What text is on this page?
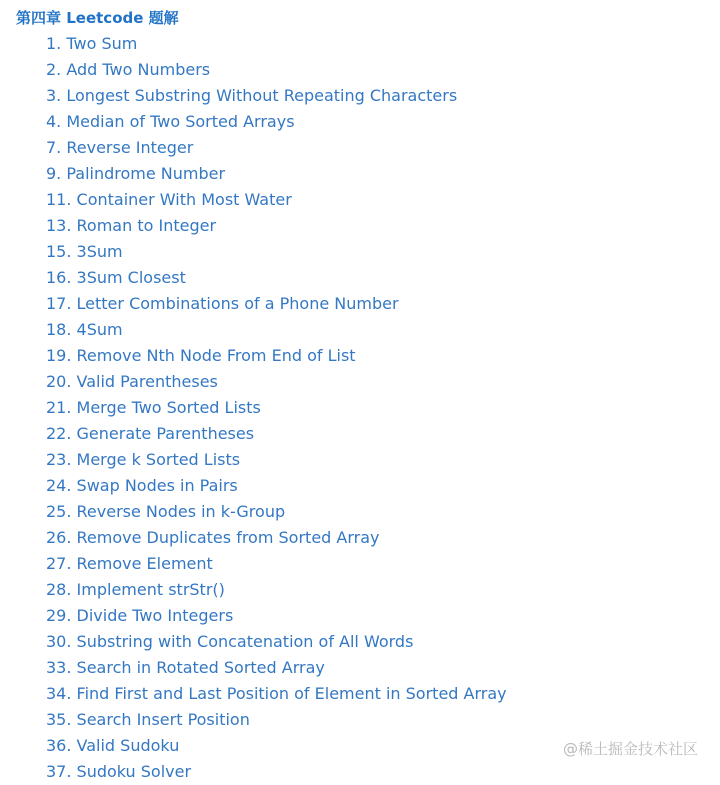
第四章 Leetcode 题解
1. Two Sum
2. Add Two Numbers
3. Longest Substring Without Repeating Characters
4. Median of Two Sorted Arrays
7. Reverse Integer
9. Palindrome Number
11. Container With Most Water
13. Roman to Integer
15. 3Sum
16. 3Sum Closest
17. Letter Combinations of a Phone Number
18. 4Sum
19. Remove Nth Node From End of List
20. Valid Parentheses
21. Merge Two Sorted Lists
22. Generate Parentheses
23. Merge k Sorted Lists
24. Swap Nodes in Pairs
25. Reverse Nodes in k-Group
26. Remove Duplicates from Sorted Array
27. Remove Element
28. Implement strStr()
29. Divide Two Integers
30. Substring with Concatenation of All Words
33. Search in Rotated Sorted Array
34. Find First and Last Position of Element in Sorted Array
35. Search Insert Position
36. Valid Sudoku
37. Sudoku Solver
@稀土掘金技术社区
